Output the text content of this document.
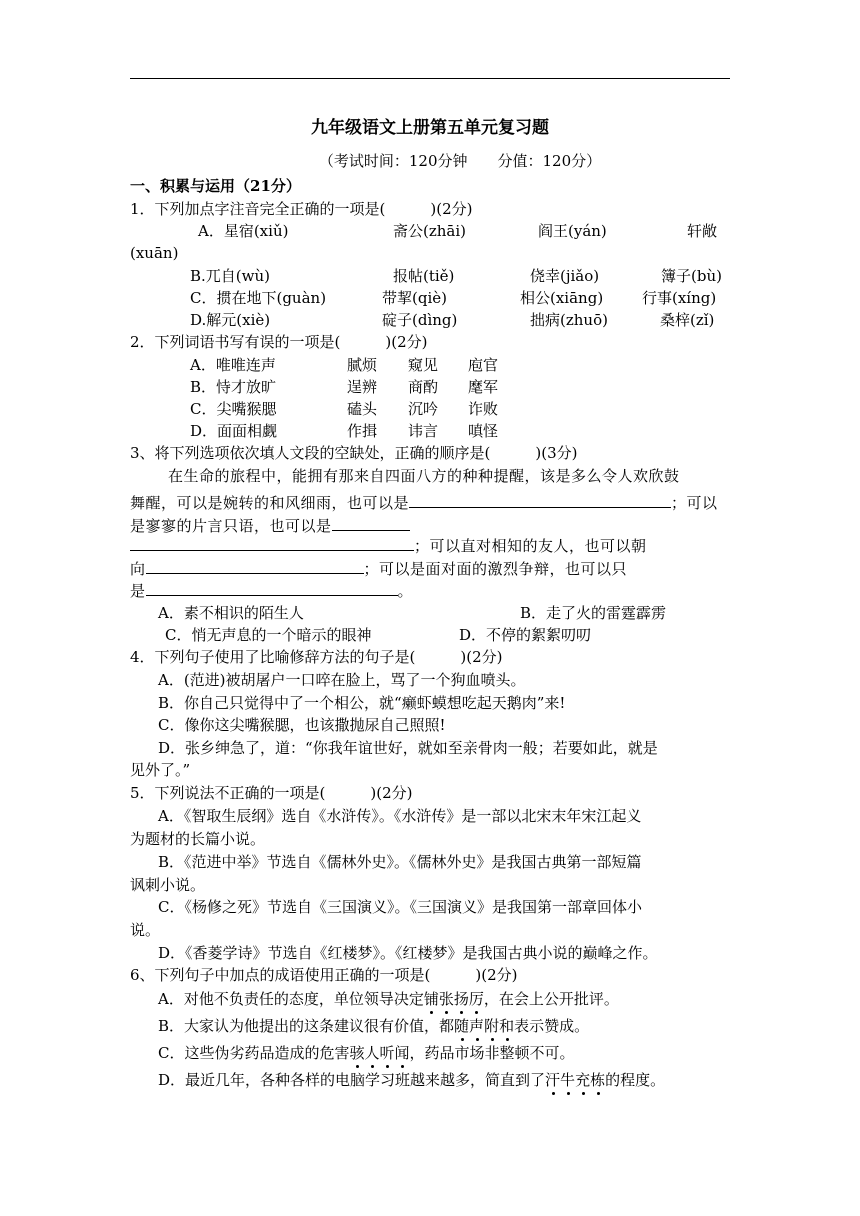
九年级语文上册第五单元复习题
（考试时间：120分钟　　分值：120分）
一、积累与运用（21分）
1．下列加点字注音完全正确的一项是(　　　)(2分)
A．星宿(xiǔ)	斋公(zhāi)	阎王(yán)	轩敞
(xuān)
B.兀自(wù)	报帖(tiě)	侥幸(jiǎo)	簿子(bù)
C．掼在地下(guàn)	带挈(qiè)	相公(xiāng)	行事(xíng)
D.解元(xiè)	碇子(dìng)	拙病(zhuō)	桑梓(zǐ)
2．下列词语书写有误的一项是(　　　)(2分)
A．唯唯连声	腻烦 窥见 庖官
B．恃才放旷	逞辨 商酌 麾军
C．尖嘴猴腮	磕头 沉吟 诈败
D．面面相觑	作揖 讳言 嗔怪
3、将下列选项依次填人文段的空缺处，正确的顺序是(　　　)(3分)
在生命的旅程中，能拥有那来自四面八方的种种提醒，该是多么令人欢欣鼓
舞醒，可以是婉转的和风细雨，也可以是	；可以
是寥寥的片言只语，也可以是
；可以直对相知的友人，也可以朝
向	；可以是面对面的激烈争辩，也可以只
是	。
A．素不相识的陌生人	B．走了火的雷霆霹雳
C．悄无声息的一个暗示的眼神	D．不停的絮絮叨叨
4．下列句子使用了比喻修辞方法的句子是(　　　)(2分)
A．(范进)被胡屠户一口啐在脸上，骂了一个狗血喷头。
B．你自己只觉得中了一个相公，就“癞虾蟆想吃起天鹅肉”来!
C．像你这尖嘴猴腮，也该撒抛尿自己照照!
D．张乡绅急了，道：“你我年谊世好，就如至亲骨肉一般；若要如此，就是
见外了。”
5．下列说法不正确的一项是(　　　)(2分)
A．《智取生辰纲》选自《水浒传》。《水浒传》是一部以北宋末年宋江起义
为题材的长篇小说。
B．《范进中举》节选自《儒林外史》。《儒林外史》是我国古典第一部短篇
讽刺小说。
C．《杨修之死》节选自《三国演义》。《三国演义》是我国第一部章回体小
说。
D．《香菱学诗》节选自《红楼梦》。《红楼梦》是我国古典小说的巅峰之作。
6、下列句子中加点的成语使用正确的一项是(　　　)(2分)
A．对他不负责任的态度，单位领导决定铺张扬厉，在会上公开批评。
B．大家认为他提出的这条建议很有价值，都随声附和表示赞成。
C．这些伪劣药品造成的危害骇人听闻，药品市场非整顿不可。
D．最近几年，各种各样的电脑学习班越来越多，简直到了汗牛充栋的程度。
